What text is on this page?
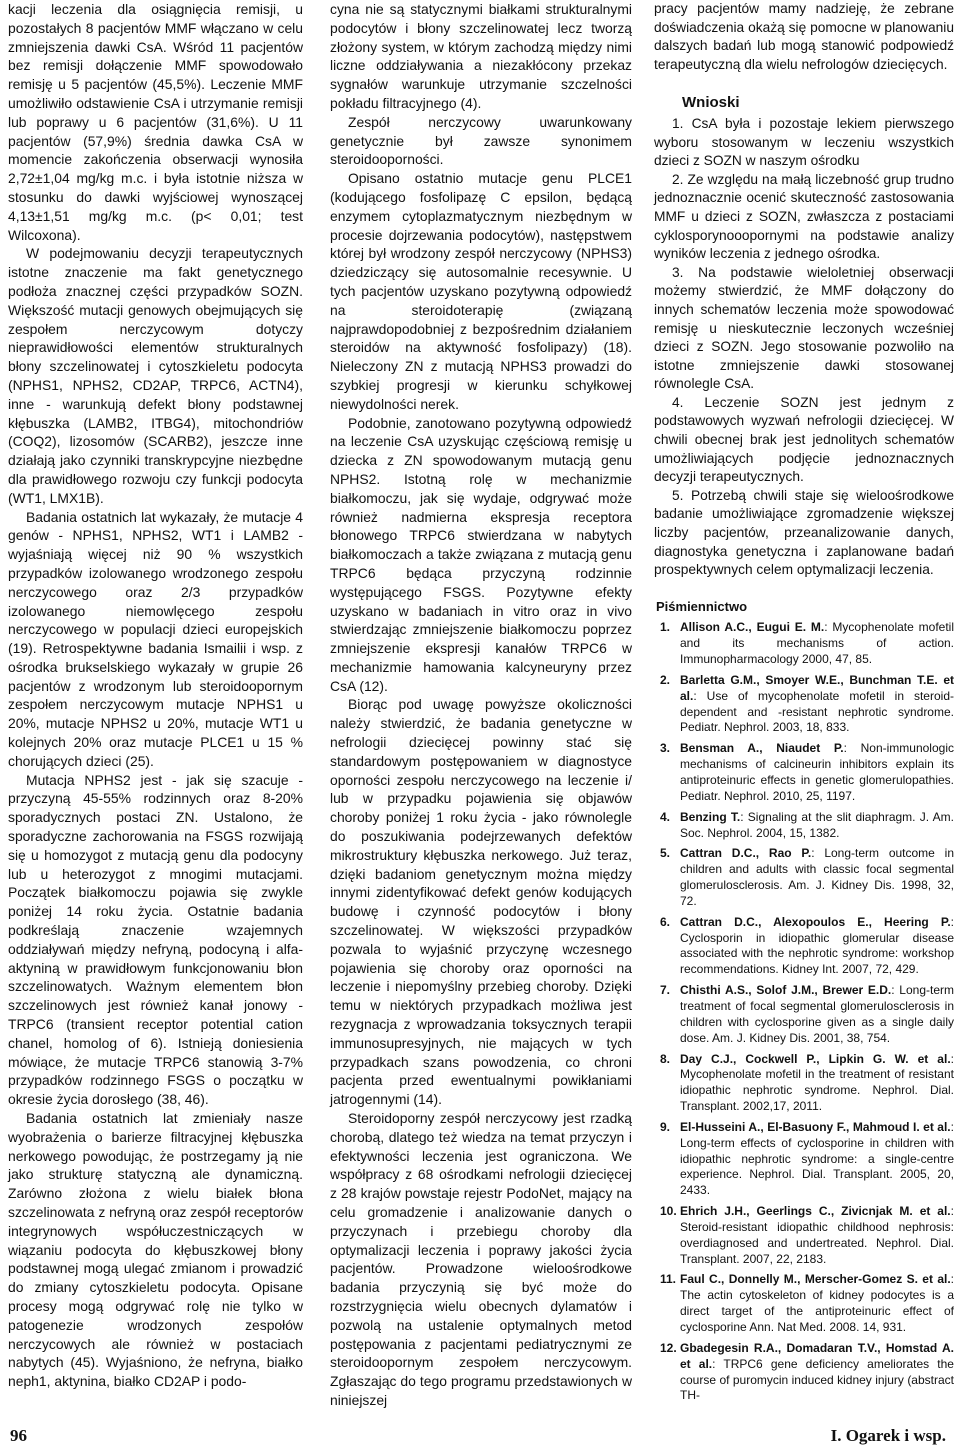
kacji leczenia dla osiągnięcia remisji, u pozostałych 8 pacjentów MMF włączano w celu zmniejszenia dawki CsA. Wśród 11 pacjentów bez remisji dołączenie MMF spowodowało remisję u 5 pacjentów (45,5%). Leczenie MMF umożliwiło odstawienie CsA i utrzymanie remisji lub poprawy u 6 pacjentów (31,6%). U 11 pacjentów (57,9%) średnia dawka CsA w momencie zakończenia obserwacji wynosiła 2,72±1,04 mg/kg m.c. i była istotnie niższa w stosunku do dawki wyjściowej wynoszącej 4,13±1,51 mg/kg m.c. (p< 0,01; test Wilcoxona).

W podejmowaniu decyzji terapeutycznych istotne znaczenie ma fakt genetycznego podłoża znacznej części przypadków SOZN. Większość mutacji genowych obejmujących się zespołem nerczycowym dotyczy nieprawidłowości elementów strukturalnych błony szczelinowatej i cytoszkieletu podocyta (NPHS1, NPHS2, CD2AP, TRPC6, ACTN4), inne - warunkują defekt błony podstawnej kłębuszka (LAMB2, ITBG4), mitochondriów (COQ2), lizosomów (SCARB2), jeszcze inne działają jako czynniki transkrypcyjne niezbędne dla prawidłowego rozwoju czy funkcji podocyta (WT1, LMX1B).

Badania ostatnich lat wykazały, że mutacje 4 genów - NPHS1, NPHS2, WT1 i LAMB2 - wyjaśniają więcej niż 90 % wszystkich przypadków izolowanego wrodzonego zespołu nerczycowego oraz 2/3 przypadków izolowanego niemowlęcego zespołu nerczycowego w populacji dzieci europejskich (19). Retrospektywne badania Ismailii i wsp. z ośrodka brukselskiego wykazały w grupie 26 pacjentów z wrodzonym lub steroidoopornym zespołem nerczycowym mutacje NPHS1 u 20%, mutacje NPHS2 u 20%, mutacje WT1 u kolejnych 20% oraz mutacje PLCE1 u 15 % chorujących dzieci (25).

Mutacja NPHS2 jest - jak się szacuje - przyczyną 45-55% rodzinnych oraz 8-20% sporadycznych postaci ZN. Ustalono, że sporadyczne zachorowania na FSGS rozwijają się u homozygot z mutacją genu dla podocyny lub u heterozygot z mnogimi mutacjami. Początek białkomoczu pojawia się zwykle poniżej 14 roku życia. Ostatnie badania podkreślają znaczenie wzajemnych oddziaływań między nefryną, podocyną i alfa-aktyniną w prawidłowym funkcjonowaniu błon szczelinowatych. Ważnym elementem błon szczelinowych jest również kanał jonowy - TRPC6 (transient receptor potential cation chanel, homolog of 6). Istnieją doniesienia mówiące, że mutacje TRPC6 stanowią 3-7% przypadków rodzinnego FSGS o początku w okresie życia dorosłego (38, 46).

Badania ostatnich lat zmieniały nasze wyobrażenia o barierze filtracyjnej kłębuszka nerkowego powodując, że postrzegamy ją nie jako strukturę statyczną ale dynamiczną. Zarówno złożona z wielu białek błona szczelinowata z nefryną oraz zespół receptorów integrynowych współuczestniczących w wiązaniu podocyta do kłębuszkowej błony podstawnej mogą ulegać zmianom i prowadzić do zmiany cytoszkieletu podocyta. Opisane procesy mogą odgrywać rolę nie tylko w patogenezie wrodzonych zespołów nerczycowych ale również w postaciach nabytych (45). Wyjaśniono, że nefryna, białko neph1, aktynina, białko CD2AP i podo-

cyna nie są statycznymi białkami strukturalnymi podocytów i błony szczelinowatej lecz tworzą złożony system, w którym zachodzą między nimi liczne oddziaływania a niezakłócony przekaz sygnałów warunkuje utrzymanie szczelności pokładu filtracyjnego (4).

Zespół nerczycowy uwarunkowany genetycznie był zawsze synonimem steroidooporności.

Opisano ostatnio mutacje genu PLCE1 (kodującego fosfolipazę C epsilon, będącą enzymem cytoplazmatycznym niezbędnym w procesie dojrzewania podocytów), następstwem której był wrodzony zespół nerczycowy (NPHS3) dziedziczący się autosomalnie recesywnie. U tych pacjentów uzyskano pozytywną odpowiedź na steroidoterapię (związaną najprawdopodobniej z bezpośrednim działaniem steroidów na aktywność fosfolipazy) (18). Nieleczony ZN z mutacją NPHS3 prowadzi do szybkiej progresji w kierunku schyłkowej niewydolności nerek.

Podobnie, zanotowano pozytywną odpowiedź na leczenie CsA uzyskując częściową remisję u dziecka z ZN spowodowanym mutacją genu NPHS2. Istotną rolę w mechanizmie białkomoczu, jak się wydaje, odgrywać może również nadmierna ekspresja receptora błonowego TRPC6 stwierdzana w nabytych białkomoczach a także związana z mutacją genu TRPC6 będąca przyczyną rodzinnie występującego FSGS. Pozytywne efekty uzyskano w badaniach in vitro oraz in vivo stwierdzając zmniejszenie białkomoczu poprzez zmniejszenie ekspresji kanałów TRPC6 w mechanizmie hamowania kalcyneuryny przez CsA (12).

Biorąc pod uwagę powyższe okoliczności należy stwierdzić, że badania genetyczne w nefrologii dziecięcej powinny stać się standardowym postępowaniem w diagnostyce oporności zespołu nerczycowego na leczenie i/ lub w przypadku pojawienia się objawów choroby poniżej 1 roku życia - jako równolegle do poszukiwania podejrzewanych defektów mikrostruktury kłębuszka nerkowego. Już teraz, dzięki badaniom genetycznym można między innymi zidentyfikować defekt genów kodujących budowę i czynność podocytów i błony szczelinowatej. W większości przypadków pozwala to wyjaśnić przyczynę wczesnego pojawienia się choroby oraz oporności na leczenie i niepomyślny przebieg choroby. Dzięki temu w niektórych przypadkach możliwa jest rezygnacja z wprowadzania toksycznych terapii immunosupresyjnych, nie mających w tych przypadkach szans powodzenia, co chroni pacjenta przed ewentualnymi powikłaniami jatrogennymi (14).

Steroidoporny zespół nerczycowy jest rzadką chorobą, dlatego też wiedza na temat przyczyn i efektywności leczenia jest ograniczona. We współpracy z 68 ośrodkami nefrologii dziecięcej z 28 krajów powstaje rejestr PodoNet, mający na celu gromadzenie i analizowanie danych o przyczynach i przebiegu choroby dla optymalizacji leczenia i poprawy jakości życia pacjentów. Prowadzone wieloośrodkowe badania przyczynią się być może do rozstrzygnięcia wielu obecnych dylamatów i pozwolą na ustalenie optymalnych metod postępowania z pacjentami pediatrycznymi ze steroidoopornym zespołem nerczycowym. Zgłaszając do tego programu przedstawionych w niniejszej

pracy pacjentów mamy nadzieję, że zebrane doświadczenia okażą się pomocne w planowaniu dalszych badań lub mogą stanowić podpowiedź terapeutyczną dla wielu nefrologów dziecięcych.

Wnioski

1. CsA była i pozostaje lekiem pierwszego wyboru stosowanym w leczeniu wszystkich dzieci z SOZN w naszym ośrodku

2. Ze względu na małą liczebność grup trudno jednoznacznie ocenić skuteczność zastosowania MMF u dzieci z SOZN, zwłaszcza z postaciami cyklosporynooopornymi na podstawie analizy wyników leczenia z jednego ośrodka.

3. Na podstawie wieloletniej obserwacji możemy stwierdzić, że MMF dołączony do innych schematów leczenia może spowodować remisję u nieskutecznie leczonych wcześniej dzieci z SOZN. Jego stosowanie pozwoliło na istotne zmniejszenie dawki stosowanej równolegle CsA.

4. Leczenie SOZN jest jednym z podstawowych wyzwań nefrologii dziecięcej. W chwili obecnej brak jest jednolitych schematów umożliwiających podjęcie jednoznacznych decyzji terapeutycznych.

5. Potrzebą chwili staje się wieloośrodkowe badanie umożliwiające zgromadzenie większej liczby pacjentów, przeanalizowanie danych, diagnostyka genetyczna i zaplanowane badań prospektywnych celem optymalizacji leczenia.

Piśmiennictwo
1. Allison A.C., Eugui E. M.: Mycophenolate mofetil and its mechanisms of action. Immunopharmacology 2000, 47, 85.
2. Barletta G.M., Smoyer W.E., Bunchman T.E. et al.: Use of mycophenolate mofetil in steroid-dependent and -resistant nephrotic syndrome. Pediatr. Nephrol. 2003, 18, 833.
3. Bensman A., Niaudet P.: Non-immunologic mechanisms of calcineurin inhibitors explain its antiproteinuric effects in genetic glomerulopathies. Pediatr. Nephrol. 2010, 25, 1197.
4. Benzing T.: Signaling at the slit diaphragm. J. Am. Soc. Nephrol. 2004, 15, 1382.
5. Cattran D.C., Rao P.: Long-term outcome in children and adults with classic focal segmental glomerulosclerosis. Am. J. Kidney Dis. 1998, 32, 72.
6. Cattran D.C., Alexopoulos E., Heering P.: Cyclosporin in idiopathic glomerular disease associated with the nephrotic syndrome: workshop recommendations. Kidney Int. 2007, 72, 429.
7. Chisthi A.S., Solof J.M., Brewer E.D.: Long-term treatment of focal segmental glomerulosclerosis in children with cyclosporine given as a single daily dose. Am. J. Kidney Dis. 2001, 38, 754.
8. Day C.J., Cockwell P., Lipkin G. W. et al.: Mycophenolate mofetil in the treatment of resistant idiopathic nephrotic syndrome. Nephrol. Dial. Transplant. 2002,17, 2011.
9. El-Husseini A., El-Basuony F., Mahmoud I. et al.: Long-term effects of cyclosporine in children with idiopathic nephrotic syndrome: a single-centre experience. Nephrol. Dial. Transplant. 2005, 20, 2433.
10. Ehrich J.H., Geerlings C., Zivicnjak M. et al.: Steroid-resistant idiopathic childhood nephrosis: overdiagnosed and undertreated. Nephrol. Dial. Transplant. 2007, 22, 2183.
11. Faul C., Donnelly M., Merscher-Gomez S. et al.: The actin cytoskeleton of kidney podocytes is a direct target of the antiproteinuric effect of cyclosporine Ann. Nat Med. 2008. 14, 931.
12. Gbadegesin R.A., Domadaran T.V., Homstad A. et al.: TRPC6 gene deficiency ameliorates the course of puromycin induced kidney injury (abstract TH-
96	I. Ogarek i wsp.
